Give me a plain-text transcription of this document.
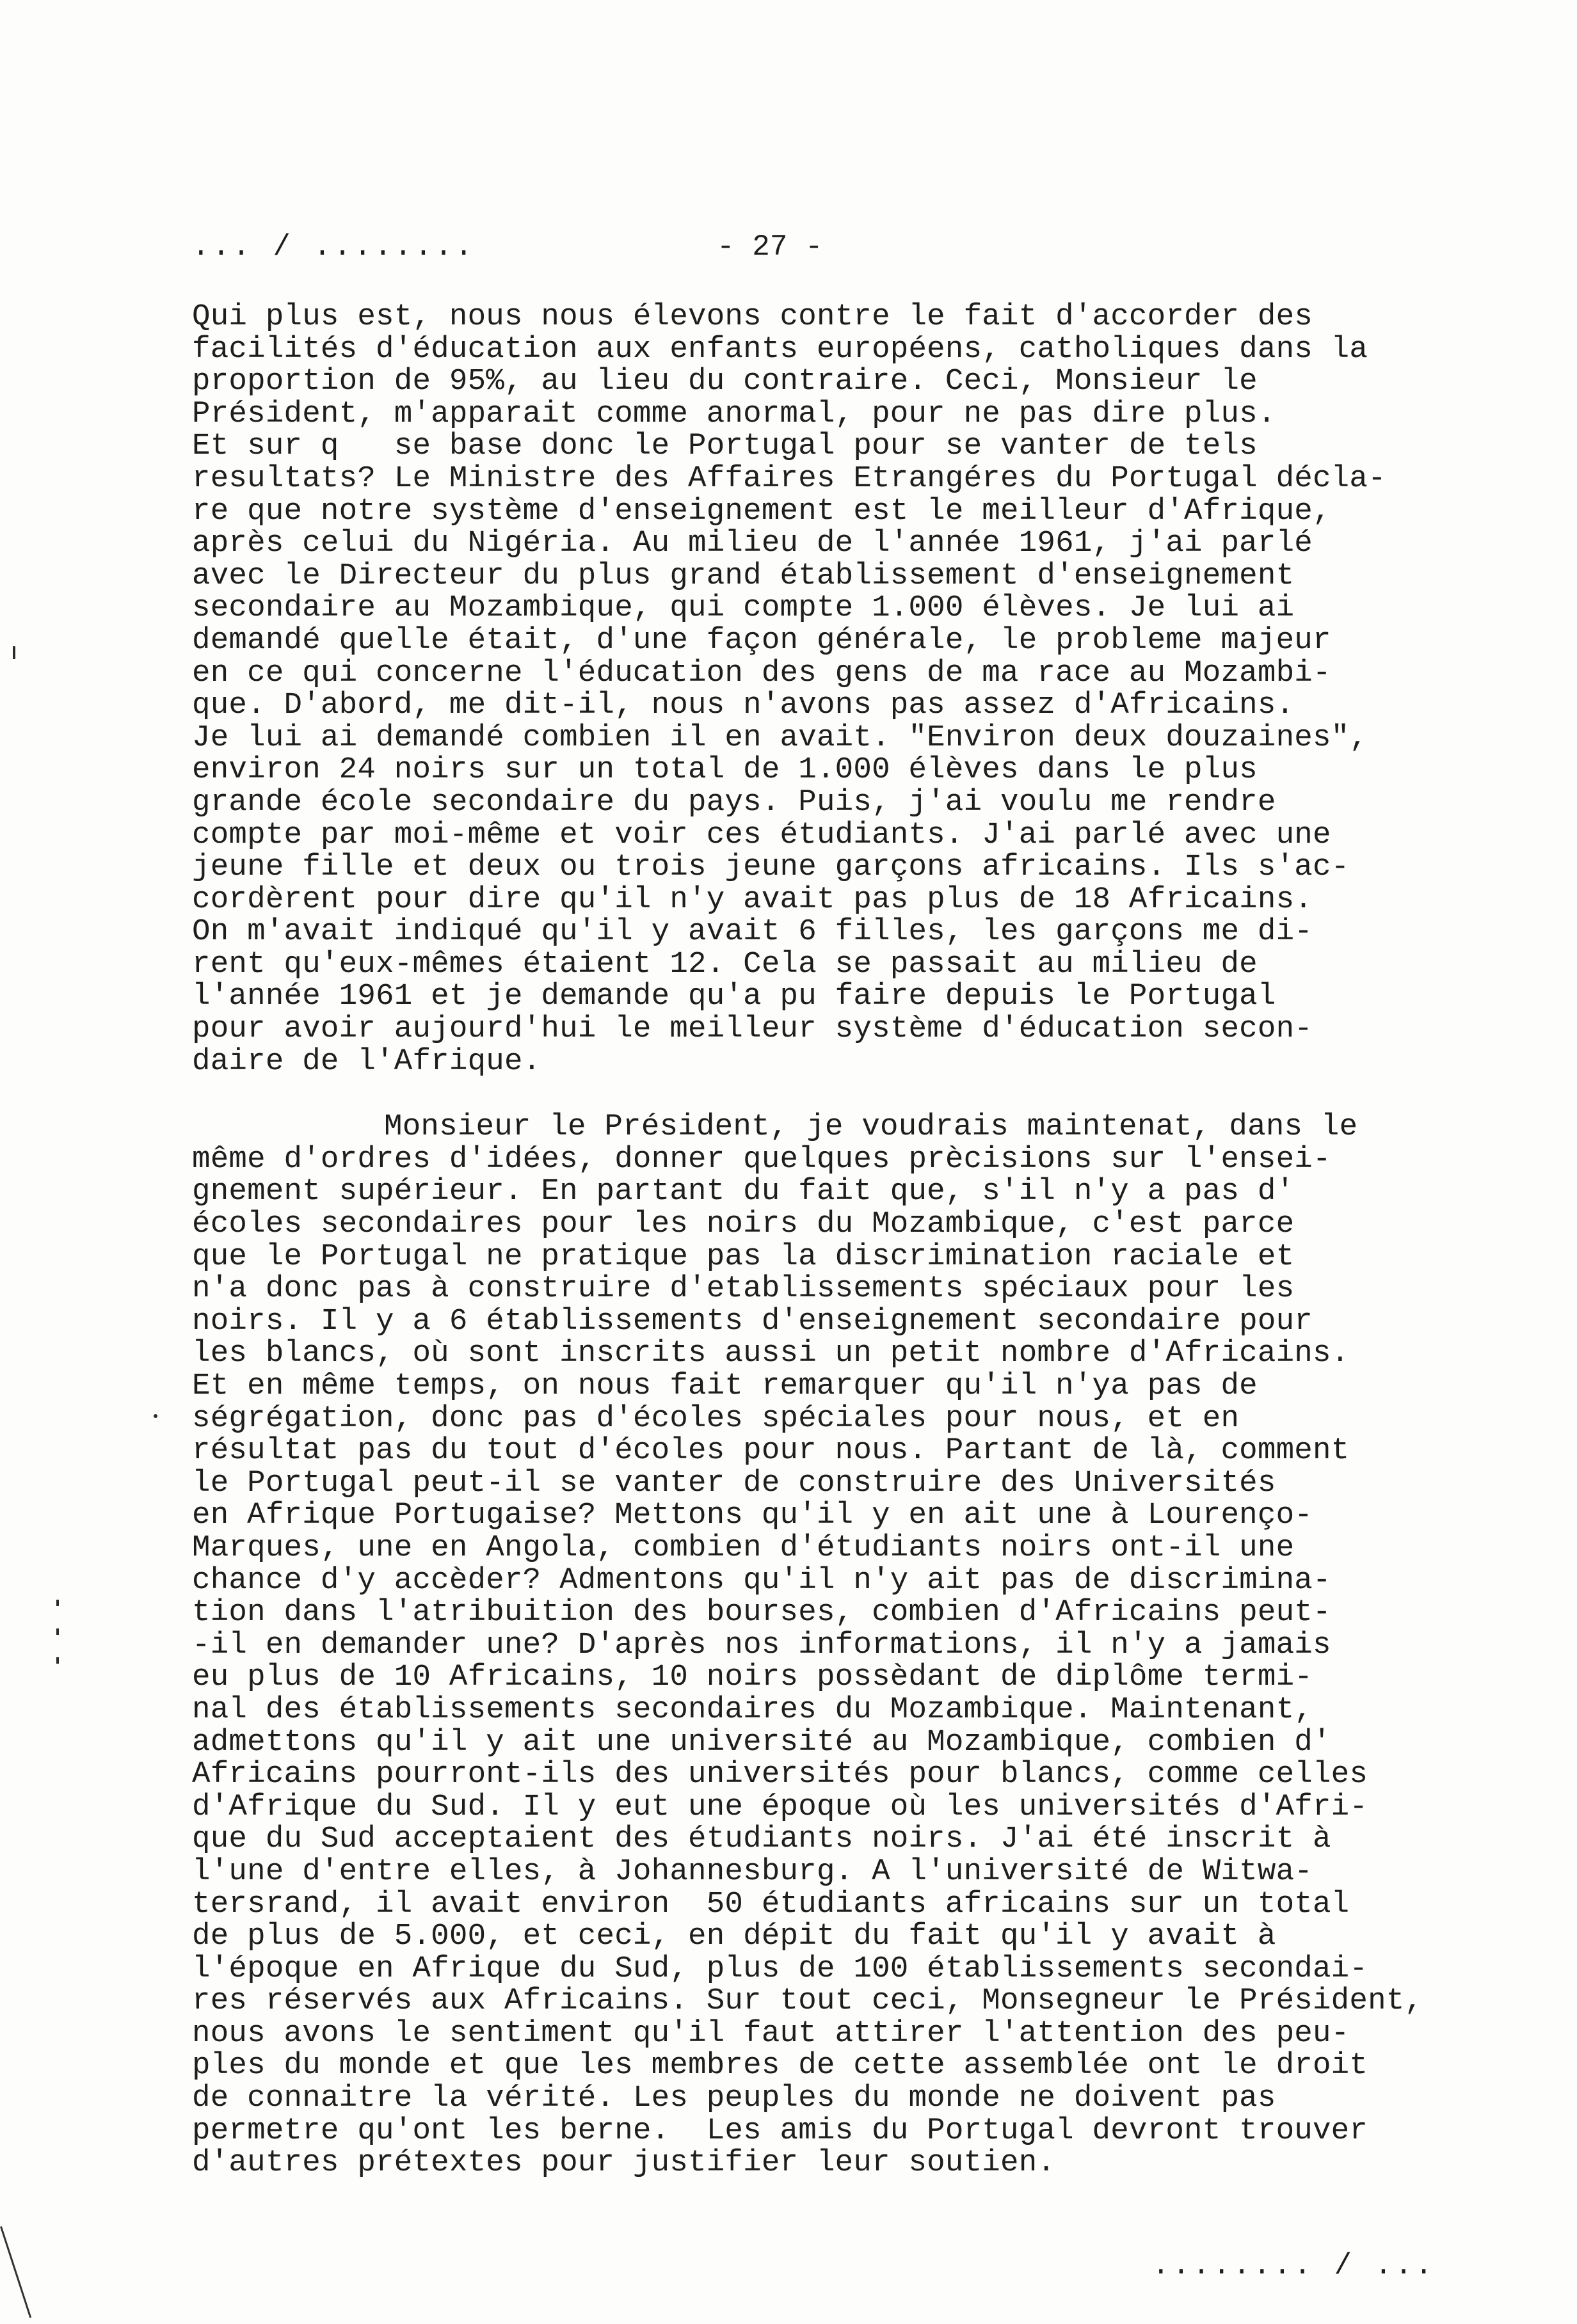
... / ........	- 27 -
Qui plus est, nous nous élevons contre le fait d'accorder des
facilités d'éducation aux enfants européens, catholiques dans la
proportion de 95%, au lieu du contraire. Ceci, Monsieur le
Président, m'apparait comme anormal, pour ne pas dire plus.
Et sur q   se base donc le Portugal pour se vanter de tels
resultats? Le Ministre des Affaires Etrangéres du Portugal décla-
re que notre système d'enseignement est le meilleur d'Afrique,
après celui du Nigéria. Au milieu de l'année 1961, j'ai parlé
avec le Directeur du plus grand établissement d'enseignement
secondaire au Mozambique, qui compte 1.000 élèves. Je lui ai
demandé quelle était, d'une façon générale, le probleme majeur
en ce qui concerne l'éducation des gens de ma race au Mozambi-
que. D'abord, me dit-il, nous n'avons pas assez d'Africains.
Je lui ai demandé combien il en avait. "Environ deux douzaines",
environ 24 noirs sur un total de 1.000 élèves dans le plus
grande école secondaire du pays. Puis, j'ai voulu me rendre
compte par moi-même et voir ces étudiants. J'ai parlé avec une
jeune fille et deux ou trois jeune garçons africains. Ils s'ac-
cordèrent pour dire qu'il n'y avait pas plus de 18 Africains.
On m'avait indiqué qu'il y avait 6 filles, les garçons me di-
rent qu'eux-mêmes étaient 12. Cela se passait au milieu de
l'année 1961 et je demande qu'a pu faire depuis le Portugal
pour avoir aujourd'hui le meilleur système d'éducation secon-
daire de l'Afrique.
Monsieur le Président, je voudrais maintenat, dans le
même d'ordres d'idées, donner quelques prècisions sur l'ensei-
gnement supérieur. En partant du fait que, s'il n'y a pas d'
écoles secondaires pour les noirs du Mozambique, c'est parce
que le Portugal ne pratique pas la discrimination raciale et
n'a donc pas à construire d'etablissements spéciaux pour les
noirs. Il y a 6 établissements d'enseignement secondaire pour
les blancs, où sont inscrits aussi un petit nombre d'Africains.
Et en même temps, on nous fait remarquer qu'il n'ya pas de
ségrégation, donc pas d'écoles spéciales pour nous, et en
résultat pas du tout d'écoles pour nous. Partant de là, comment
le Portugal peut-il se vanter de construire des Universités
en Afrique Portugaise? Mettons qu'il y en ait une à Lourenço-
Marques, une en Angola, combien d'étudiants noirs ont-il une
chance d'y accèder? Admentons qu'il n'y ait pas de discrimina-
tion dans l'atribuition des bourses, combien d'Africains peut-
-il en demander une? D'après nos informations, il n'y a jamais
eu plus de 10 Africains, 10 noirs possèdant de diplôme termi-
nal des établissements secondaires du Mozambique. Maintenant,
admettons qu'il y ait une université au Mozambique, combien d'
Africains pourront-ils des universités pour blancs, comme celles
d'Afrique du Sud. Il y eut une époque où les universités d'Afri-
que du Sud acceptaient des étudiants noirs. J'ai été inscrit à
l'une d'entre elles, à Johannesburg. A l'université de Witwa-
tersrand, il avait environ  50 étudiants africains sur un total
de plus de 5.000, et ceci, en dépit du fait qu'il y avait à
l'époque en Afrique du Sud, plus de 100 établissements secondai-
res réservés aux Africains. Sur tout ceci, Monsegneur le Président,
nous avons le sentiment qu'il faut attirer l'attention des peu-
ples du monde et que les membres de cette assemblée ont le droit
de connaitre la vérité. Les peuples du monde ne doivent pas
permetre qu'ont les berne.  Les amis du Portugal devront trouver
d'autres prétextes pour justifier leur soutien.
........ / ...
